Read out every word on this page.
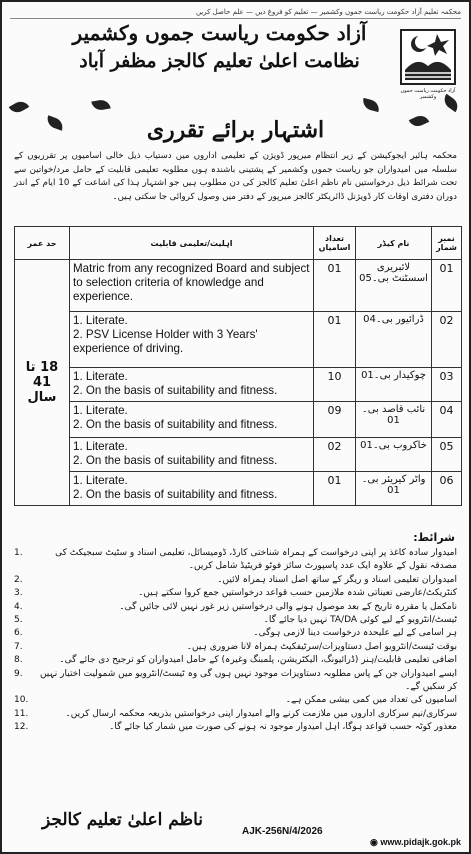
محکمہ تعلیم آزاد حکومت ریاست جموں وکشمیر — تعلیم کو فروغ دیں — علم حاصل کریں
آزاد حکومت ریاست جموں وکشمیر
نظامت اعلیٰ تعلیم کالجز مظفر آباد
آزاد حکومت ریاست جموں وکشمیر
اشتہار برائے تقرری
محکمہ ہائیر ایجوکیشن کے زیر انتظام میرپور ڈویژن کے تعلیمی اداروں میں دستیاب ذیل خالی اسامیوں پر تقرریوں کے سلسلہ میں امیدواران جو ریاست جموں وکشمیر کے پشتینی باشندہ ہوں مطلوبہ تعلیمی قابلیت کے حامل مرد/خواتین سے تحت شرائط ذیل درخواستیں نام ناظم اعلیٰ تعلیم کالجز کی دن مطلوب ہیں جو اشتہار ہذا کی اشاعت کے 10 ایام کے اندر دوران دفتری اوقات کار ڈویژنل ڈائریکٹر کالجز میرپور کے دفتر میں وصول کروائی جا سکتی ہیں۔
نمبر شمار	نام کیڈر	تعداد اسامیاں	اہلیت/تعلیمی قابلیت	حد عمر
01	لائبریری اسسٹنٹ بی۔05	01	Matric from any recognized Board and subject to selection criteria of knowledge and experience.	18 تا
41 سال

02	ڈرائیور بی۔04	01	1. Literate.
2. PSV License Holder with 3 Years' experience of driving.	
03	چوکیدار بی۔01	10	1. Literate.
2. On the basis of suitability and fitness.	
04	نائب قاصد بی۔01	09	1. Literate.
2. On the basis of suitability and fitness.	
05	خاکروب بی۔01	02	1. Literate.
2. On the basis of suitability and fitness.	
06	واٹر کیریئر بی۔01	01	1. Literate.
2. On the basis of suitability and fitness.	
شرائط:
امیدوار سادہ کاغذ پر اپنی درخواست کے ہمراہ شناختی کارڈ، ڈومیسائل، تعلیمی اسناد و سٹیٹ سبجیکٹ کی مصدقہ نقول کے علاوہ ایک عدد پاسپورٹ سائز فوٹو فریٹیڈ شامل کریں۔
1.
امیدواران تعلیمی اسناد و ریگر کے ساتھ اصل اسناد ہمراہ لائیں۔
2.
کنٹریکٹ/عارضی تعیناتی شدہ ملازمین حسب قواعد درخواستیں جمع کروا سکتے ہیں۔
3.
نامکمل یا مقررہ تاریخ کے بعد موصول ہونے والی درخواستیں زیر غور نہیں لائی جائیں گی۔
4.
ٹیسٹ/انٹرویو کے لیے کوئی TA/DA نہیں دیا جائے گا۔
5.
ہر اسامی کے لیے علیحدہ درخواست دینا لازمی ہوگی۔
6.
بوقت ٹیسٹ/انٹرویو اصل دستاویزات/سرٹیفکیٹ ہمراہ لانا ضروری ہیں۔
7.
اضافی تعلیمی قابلیت/ہنر (ڈرائیونگ، الیکٹریشن، پلمبنگ وغیرہ) کے حامل امیدواران کو ترجیح دی جائے گی۔
8.
ایسے امیدواران جن کے پاس مطلوبہ دستاویزات موجود نہیں ہوں گی وہ ٹیسٹ/انٹرویو میں شمولیت اختیار نہیں کر سکیں گے۔
9.
اسامیوں کی تعداد میں کمی بیشی ممکن ہے۔
10.
سرکاری/نیم سرکاری اداروں میں ملازمت کرنے والے امیدوار اپنی درخواستیں بذریعہ محکمہ ارسال کریں۔
11.
معذور کوٹہ حسب قواعد ہوگا، اہل امیدوار موجود نہ ہونے کی صورت میں شمار کیا جائے گا۔
12.
ناظم اعلیٰ تعلیم کالجز
AJK-256N/4/2026
◉ www.pidajk.gok.pk
